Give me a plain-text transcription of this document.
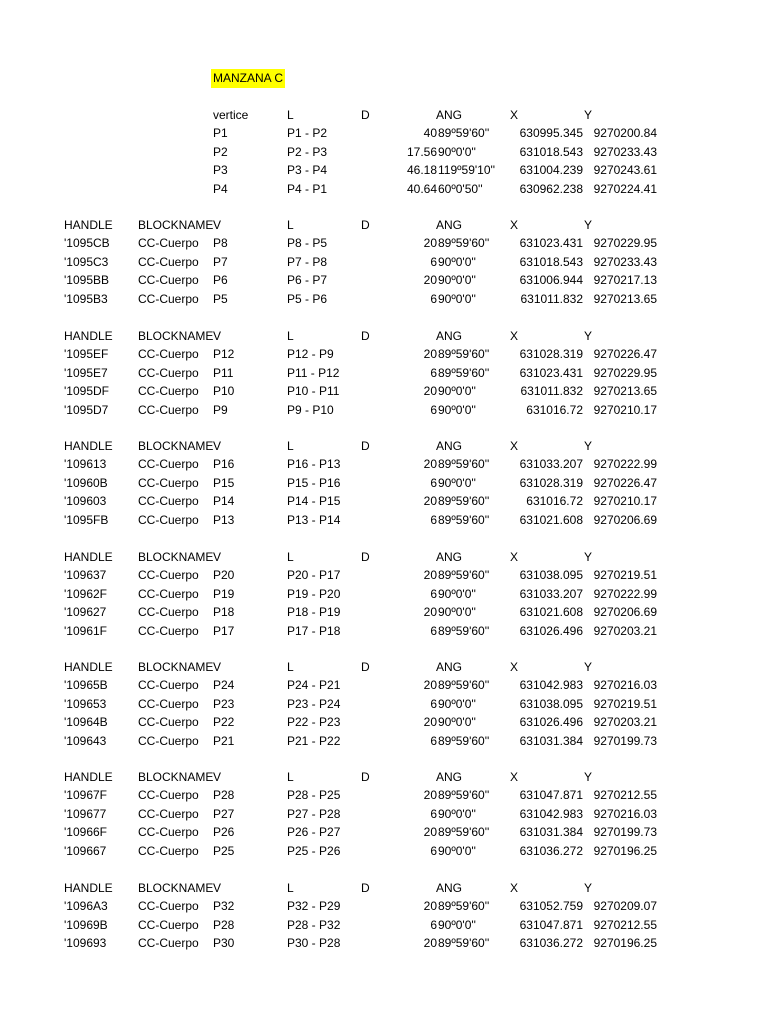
MANZANA C
vertice	L	D	ANG	X	Y
P1	P1 - P2	40 89º59'60''	630995.345 9270200.84
P2	P2 - P3	17.56 90º0'0''	631018.543 9270233.43
P3	P3 - P4	46.18 119º59'10'' 631004.239 9270243.61
P4	P4 - P1	40.64 60º0'50''	630962.238 9270224.41
HANDLE BLOCKNAME V	L	D	ANG	X	Y
'1095CB CC-Cuerpo P8	P8 - P5	20 89º59'60''	631023.431 9270229.95
'1095C3 CC-Cuerpo P7	P7 - P8	6 90º0'0''	631018.543 9270233.43
'1095BB CC-Cuerpo P6	P6 - P7	20 90º0'0''	631006.944 9270217.13
'1095B3	CC-Cuerpo P5	P5 - P6	6 90º0'0''	631011.832 9270213.65
HANDLE BLOCKNAME V	L	D	ANG	X	Y
'1095EF CC-Cuerpo P12	P12 - P9	20 89º59'60''	631028.319 9270226.47
'1095E7	CC-Cuerpo P11	P11 - P12	6 89º59'60''	631023.431 9270229.95
'1095DF CC-Cuerpo P10	P10 - P11	20 90º0'0''	631011.832 9270213.65
'1095D7 CC-Cuerpo P9	P9 - P10	6 90º0'0''	631016.72 9270210.17
HANDLE BLOCKNAME V	L	D	ANG	X	Y
'109613	CC-Cuerpo P16	P16 - P13	20 89º59'60''	631033.207 9270222.99
'10960B	CC-Cuerpo P15	P15 - P16	6 90º0'0''	631028.319 9270226.47
'109603	CC-Cuerpo P14	P14 - P15	20 89º59'60''	631016.72 9270210.17
'1095FB CC-Cuerpo P13	P13 - P14	6 89º59'60''	631021.608 9270206.69
HANDLE BLOCKNAME V	L	D	ANG	X	Y
'109637	CC-Cuerpo P20	P20 - P17	20 89º59'60''	631038.095 9270219.51
'10962F	CC-Cuerpo P19	P19 - P20	6 90º0'0''	631033.207 9270222.99
'109627	CC-Cuerpo P18	P18 - P19	20 90º0'0''	631021.608 9270206.69
'10961F	CC-Cuerpo P17	P17 - P18	6 89º59'60''	631026.496 9270203.21
HANDLE BLOCKNAME V	L	D	ANG	X	Y
'10965B	CC-Cuerpo P24	P24 - P21	20 89º59'60''	631042.983 9270216.03
'109653	CC-Cuerpo P23	P23 - P24	6 90º0'0''	631038.095 9270219.51
'10964B	CC-Cuerpo P22	P22 - P23	20 90º0'0''	631026.496 9270203.21
'109643	CC-Cuerpo P21	P21 - P22	6 89º59'60''	631031.384 9270199.73
HANDLE BLOCKNAME V	L	D	ANG	X	Y
'10967F	CC-Cuerpo P28	P28 - P25	20 89º59'60''	631047.871 9270212.55
'109677	CC-Cuerpo P27	P27 - P28	6 90º0'0''	631042.983 9270216.03
'10966F	CC-Cuerpo P26	P26 - P27	20 89º59'60''	631031.384 9270199.73
'109667	CC-Cuerpo P25	P25 - P26	6 90º0'0''	631036.272 9270196.25
HANDLE BLOCKNAME V	L	D	ANG	X	Y
'1096A3	CC-Cuerpo P32	P32 - P29	20 89º59'60''	631052.759 9270209.07
'10969B	CC-Cuerpo P28	P28 - P32	6 90º0'0''	631047.871 9270212.55
'109693	CC-Cuerpo P30	P30 - P28	20 89º59'60''	631036.272 9270196.25
